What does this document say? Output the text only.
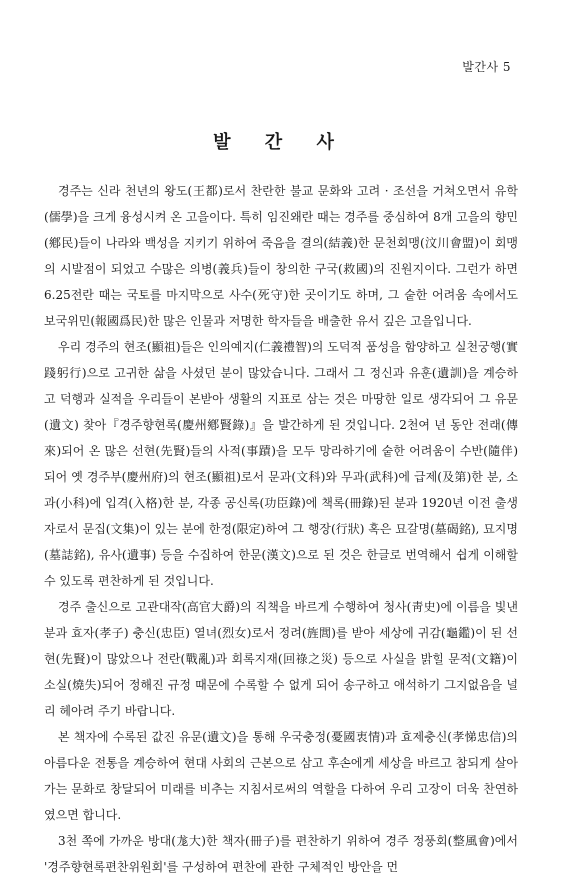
발간사 5
발 간 사

경주는 신라 천년의 왕도(王都)로서 찬란한 불교 문화와 고려 · 조선을 거쳐오면서 유학(儒學)을 크게 융성시켜 온 고을이다. 특히 임진왜란 때는 경주를 중심하여 8개 고을의 향민(鄕民)들이 나라와 백성을 지키기 위하여 죽음을 결의(結義)한 문천회맹(汶川會盟)이 회맹의 시발점이 되었고 수많은 의병(義兵)들이 창의한 구국(救國)의 진원지이다. 그런가 하면 6.25전란 때는 국토를 마지막으로 사수(死守)한 곳이기도 하며, 그 숱한 어려움 속에서도 보국위민(報國爲民)한 많은 인물과 저명한 학자들을 배출한 유서 깊은 고을입니다.

우리 경주의 현조(顯祖)들은 인의예지(仁義禮智)의 도덕적 품성을 함양하고 실천궁행(實踐躬行)으로 고귀한 삶을 사셨던 분이 많았습니다. 그래서 그 정신과 유훈(遺訓)을 계승하고 덕행과 실적을 우리들이 본받아 생활의 지표로 삼는 것은 마땅한 일로 생각되어 그 유문(遺文) 찾아『경주향현록(慶州鄕賢錄)』을 발간하게 된 것입니다. 2천여 년 동안 전래(傳來)되어 온 많은 선현(先賢)들의 사적(事蹟)을 모두 망라하기에 숱한 어려움이 수반(隨伴)되어 옛 경주부(慶州府)의 현조(顯祖)로서 문과(文科)와 무과(武科)에 급제(及第)한 분, 소과(小科)에 입격(入格)한 분, 각종 공신록(功臣錄)에 책록(冊錄)된 분과 1920년 이전 출생자로서 문집(文集)이 있는 분에 한정(限定)하여 그 행장(行狀) 혹은 묘갈명(墓碣銘), 묘지명(墓誌銘), 유사(遺事) 등을 수집하여 한문(漢文)으로 된 것은 한글로 번역해서 쉽게 이해할 수 있도록 편찬하게 된 것입니다.

경주 출신으로 고관대작(高官大爵)의 직책을 바르게 수행하여 청사(靑史)에 이름을 빛낸 분과 효자(孝子) 충신(忠臣) 열녀(烈女)로서 정려(旌閭)를 받아 세상에 귀감(龜鑑)이 된 선현(先賢)이 많았으나 전란(戰亂)과 회록지재(回祿之災) 등으로 사실을 밝힐 문적(文籍)이 소실(燒失)되어 정해진 규정 때문에 수록할 수 없게 되어 송구하고 애석하기 그지없음을 널리 헤아려 주기 바랍니다.

본 책자에 수록된 값진 유문(遺文)을 통해 우국충정(憂國衷情)과 효제충신(孝悌忠信)의 아름다운 전통을 계승하여 현대 사회의 근본으로 삼고 후손에게 세상을 바르고 참되게 살아가는 문화로 창달되어 미래를 비추는 지침서로써의 역할을 다하여 우리 고장이 더욱 찬연하였으면 합니다.

3천 쪽에 가까운 방대(尨大)한 책자(冊子)를 편찬하기 위하여 경주 정풍회(整風會)에서 '경주향현록편찬위원회'를 구성하여 편찬에 관한 구체적인 방안을 먼
